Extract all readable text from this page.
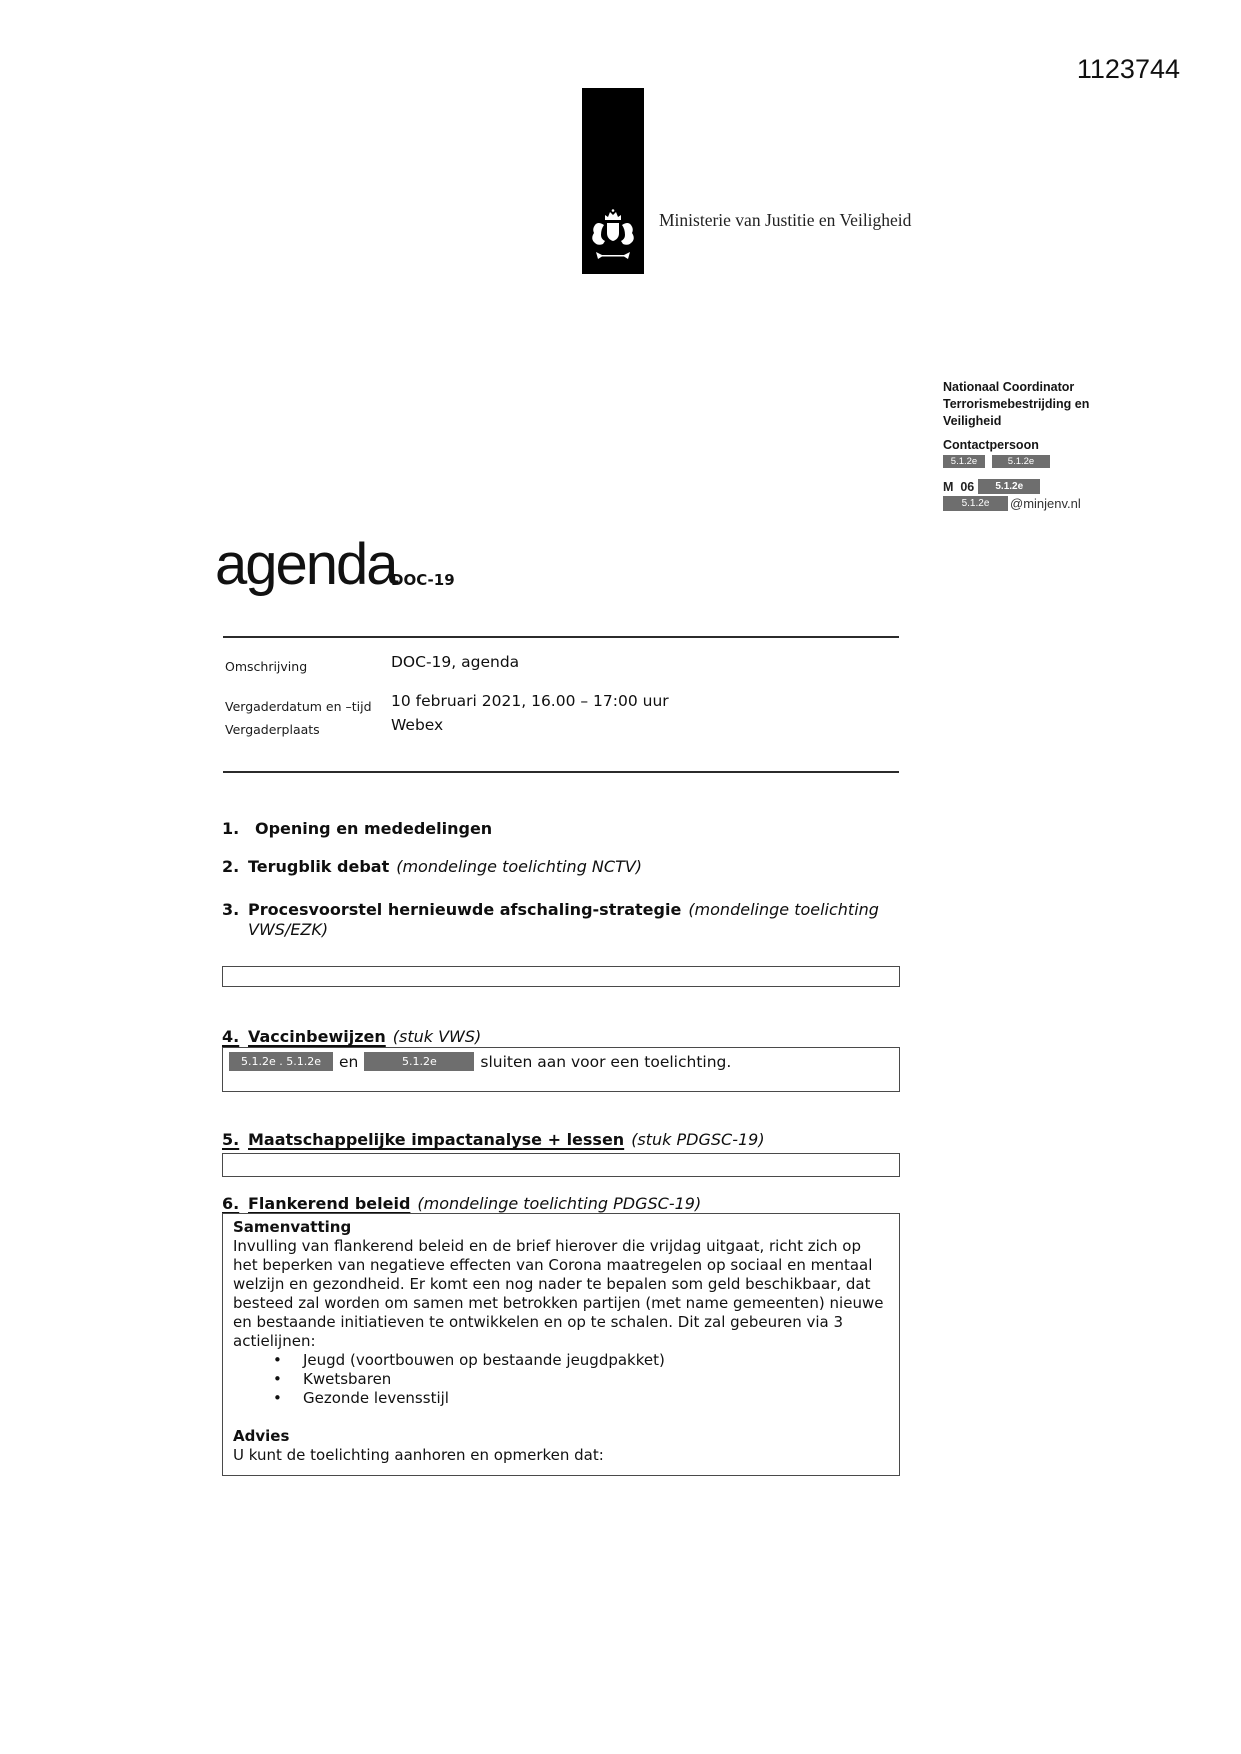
1123744
Ministerie van Justitie en Veiligheid
Nationaal Coordinator
Terrorismebestrijding en
Veiligheid
Contactpersoon
5.1.2e	5.1.2e
M  06	5.1.2e
5.1.2e	@minjenv.nl
agenda
DOC-19
Omschrijving	DOC-19, agenda
Vergaderdatum en –tijd 10 februari 2021, 16.00 – 17:00 uur
Vergaderplaats	Webex
1. Opening en mededelingen
2. Terugblik debat (mondelinge toelichting NCTV)
3. Procesvoorstel hernieuwde afschaling-strategie (mondelinge toelichting VWS/EZK)
4. Vaccinbewijzen (stuk VWS)
5.1.2e . 5.1.2e	en	5.1.2e	sluiten aan voor een toelichting.
5. Maatschappelijke impactanalyse + lessen (stuk PDGSC-19)
6. Flankerend beleid (mondelinge toelichting PDGSC-19)
Samenvatting

Invulling van flankerend beleid en de brief hierover die vrijdag uitgaat, richt zich op het beperken van negatieve effecten van Corona maatregelen op sociaal en mentaal welzijn en gezondheid. Er komt een nog nader te bepalen som geld beschikbaar, dat besteed zal worden om samen met betrokken partijen (met name gemeenten) nieuwe en bestaande initiatieven te ontwikkelen en op te schalen. Dit zal gebeuren via 3 actielijnen:

• Jeugd (voortbouwen op bestaande jeugdpakket)
• Kwetsbaren
• Gezonde levensstijl
Advies
U kunt de toelichting aanhoren en opmerken dat:
